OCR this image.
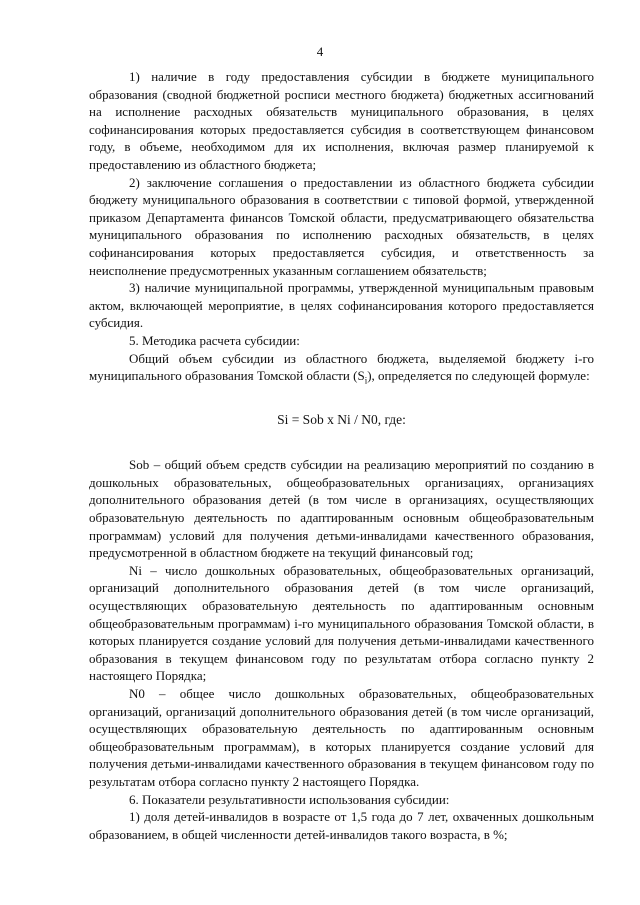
4

1) наличие в году предоставления субсидии в бюджете муниципального образования (сводной бюджетной росписи местного бюджета) бюджетных ассигнований на исполнение расходных обязательств муниципального образования, в целях софинансирования которых предоставляется субсидия в соответствующем финансовом году, в объеме, необходимом для их исполнения, включая размер планируемой к предоставлению из областного бюджета;

2) заключение соглашения о предоставлении из областного бюджета субсидии бюджету муниципального образования в соответствии с типовой формой, утвержденной приказом Департамента финансов Томской области, предусматривающего обязательства муниципального образования по исполнению расходных обязательств, в целях софинансирования которых предоставляется субсидия, и ответственность за неисполнение предусмотренных указанным соглашением обязательств;

3) наличие муниципальной программы, утвержденной муниципальным правовым актом, включающей мероприятие, в целях софинансирования которого предоставляется субсидия.

5. Методика расчета субсидии:

Общий объем субсидии из областного бюджета, выделяемой бюджету i-го муниципального образования Томской области $(S_i)$, определяется по следующей формуле:

Si = Sob x Ni / N0, где:

Sob – общий объем средств субсидии на реализацию мероприятий по созданию в дошкольных образовательных, общеобразовательных организациях, организациях дополнительного образования детей (в том числе в организациях, осуществляющих образовательную деятельность по адаптированным основным общеобразовательным программам) условий для получения детьми-инвалидами качественного образования, предусмотренной в областном бюджете на текущий финансовый год;

Ni – число дошкольных образовательных, общеобразовательных организаций, организаций дополнительного образования детей (в том числе организаций, осуществляющих образовательную деятельность по адаптированным основным общеобразовательным программам) i-го муниципального образования Томской области, в которых планируется создание условий для получения детьми-инвалидами качественного образования в текущем финансовом году по результатам отбора согласно пункту 2 настоящего Порядка;

N0 – общее число дошкольных образовательных, общеобразовательных организаций, организаций дополнительного образования детей (в том числе организаций, осуществляющих образовательную деятельность по адаптированным основным общеобразовательным программам), в которых планируется создание условий для получения детьми-инвалидами качественного образования в текущем финансовом году по результатам отбора согласно пункту 2 настоящего Порядка.

6. Показатели результативности использования субсидии:

1) доля детей-инвалидов в возрасте от 1,5 года до 7 лет, охваченных дошкольным образованием, в общей численности детей-инвалидов такого возраста, в %;
